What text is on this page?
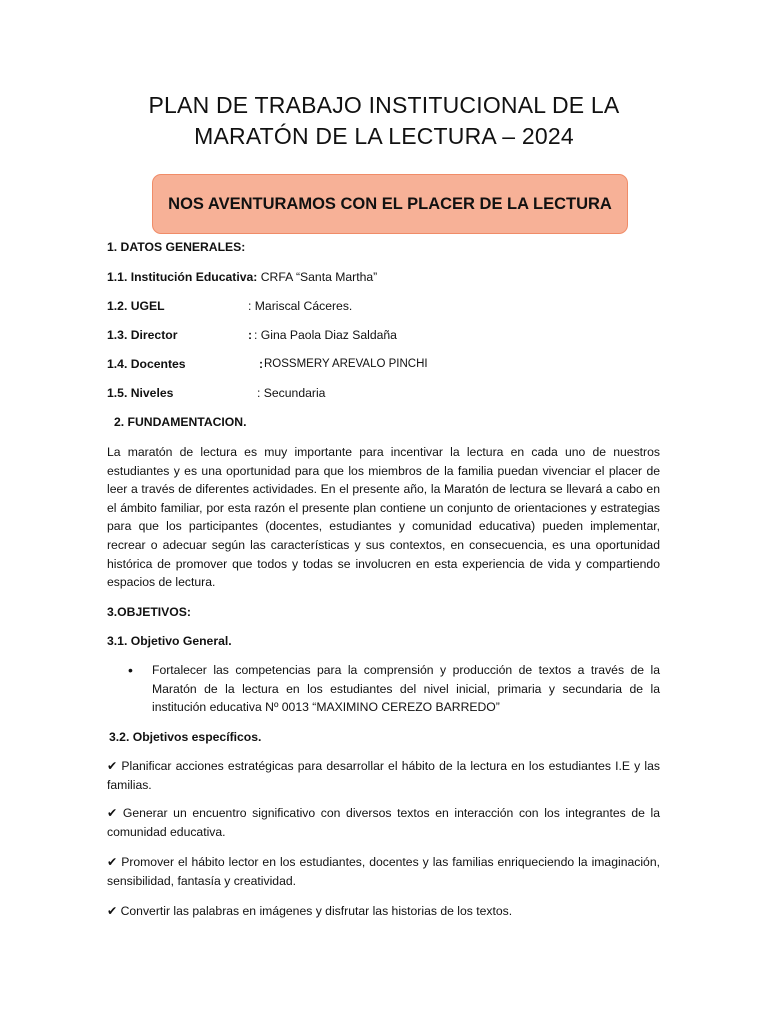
PLAN DE TRABAJO INSTITUCIONAL DE LA
MARATÓN DE LA LECTURA – 2024
NOS AVENTURAMOS CON EL PLACER DE LA LECTURA
1. DATOS GENERALES:
1.1. Institución Educativa: CRFA “Santa Martha”
1.2. UGEL	: Mariscal Cáceres.
1.3. Director	: : Gina Paola Diaz Saldaña
1.4. Docentes	: ROSSMERY AREVALO PINCHI
1.5. Niveles	: Secundaria
2. FUNDAMENTACION.
La maratón de lectura es muy importante para incentivar la lectura en cada uno de nuestros estudiantes y es una oportunidad para que los miembros de la familia puedan vivenciar el placer de leer a través de diferentes actividades. En el presente año, la Maratón de lectura se llevará a cabo en el ámbito familiar, por esta razón el presente plan contiene un conjunto de orientaciones y estrategias para que los participantes (docentes, estudiantes y comunidad educativa) pueden implementar, recrear o adecuar según las características y sus contextos, en consecuencia, es una oportunidad histórica de promover que todos y todas se involucren en esta experiencia de vida y compartiendo espacios de lectura.
3.OBJETIVOS:
3.1. Objetivo General.
• Fortalecer las competencias para la comprensión y producción de textos a través de la Maratón de la lectura en los estudiantes del nivel inicial, primaria y secundaria de la institución educativa Nº 0013 “MAXIMINO CEREZO BARREDO”
3.2. Objetivos específicos.
✔ Planificar acciones estratégicas para desarrollar el hábito de la lectura en los estudiantes I.E y las familias.
✔ Generar un encuentro significativo con diversos textos en interacción con los integrantes de la comunidad educativa.
✔ Promover el hábito lector en los estudiantes, docentes y las familias enriqueciendo la imaginación, sensibilidad, fantasía y creatividad.
✔ Convertir las palabras en imágenes y disfrutar las historias de los textos.
